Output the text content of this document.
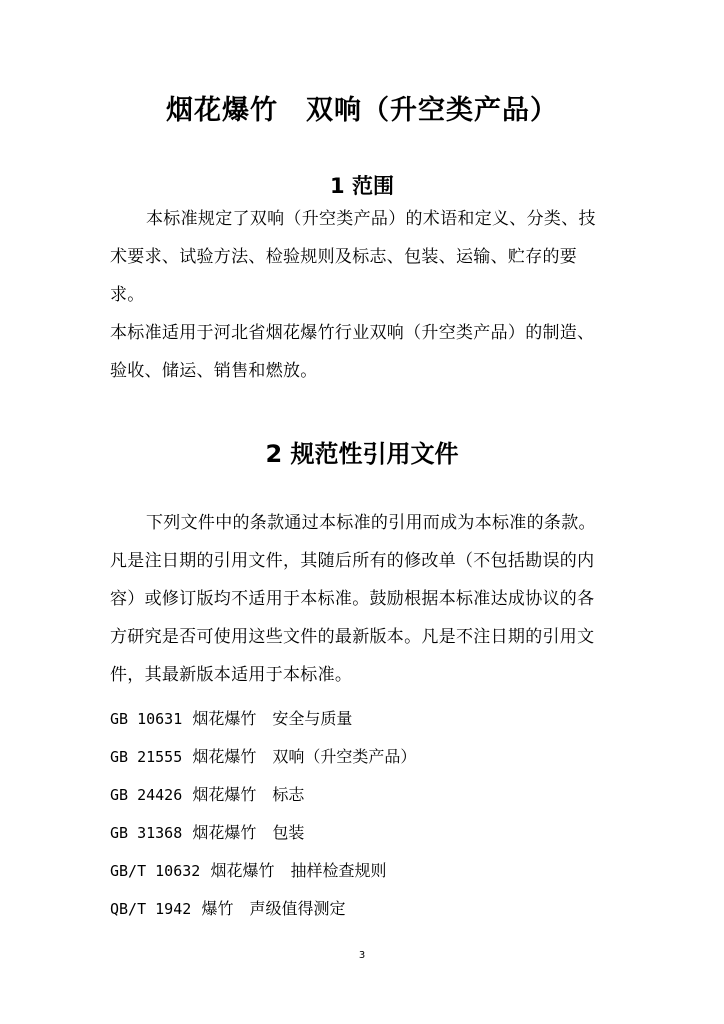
烟花爆竹　双响（升空类产品）
1 范围

本标准规定了双响（升空类产品）的术语和定义、分类、技术要求、试验方法、检验规则及标志、包装、运输、贮存的要求。

本标准适用于河北省烟花爆竹行业双响（升空类产品）的制造、验收、储运、销售和燃放。

2 规范性引用文件

下列文件中的条款通过本标准的引用而成为本标准的条款。凡是注日期的引用文件，其随后所有的修改单（不包括勘误的内容）或修订版均不适用于本标准。鼓励根据本标准达成协议的各方研究是否可使用这些文件的最新版本。凡是不注日期的引用文件，其最新版本适用于本标准。

GB 10631 烟花爆竹　安全与质量
GB 21555 烟花爆竹　双响（升空类产品）
GB 24426 烟花爆竹　标志
GB 31368 烟花爆竹　包装
GB/T 10632 烟花爆竹　抽样检查规则
QB/T 1942 爆竹　声级值得测定
3
